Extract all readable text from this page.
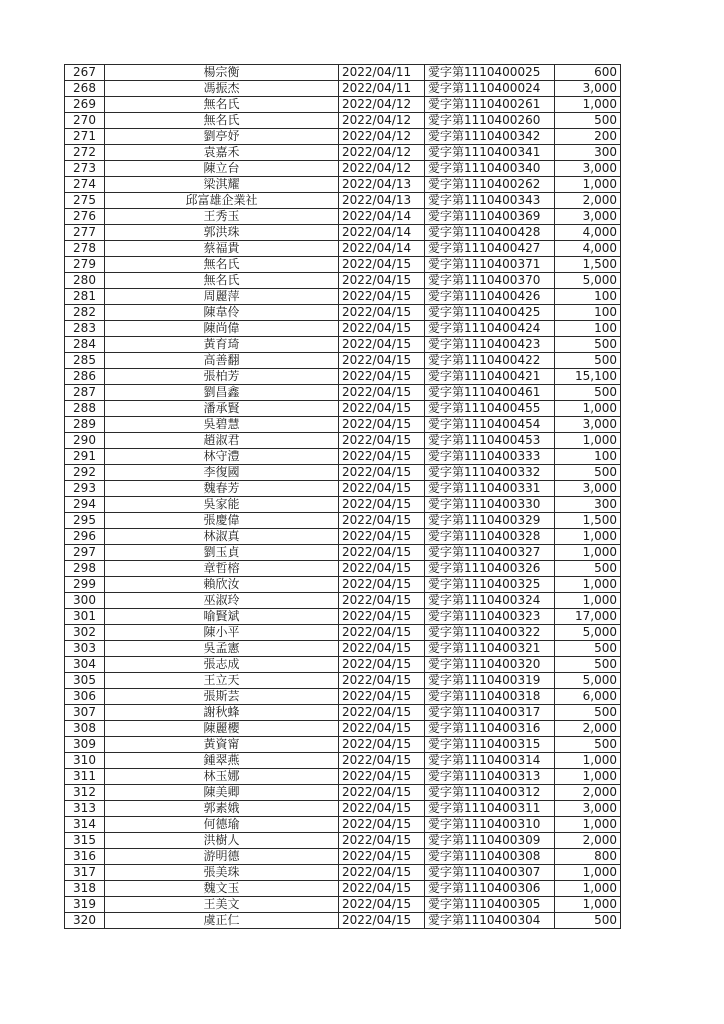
267	楊宗衡	2022/04/11	愛字第1110400025	600
268	馮振杰	2022/04/11	愛字第1110400024	3,000
269	無名氏	2022/04/12	愛字第1110400261	1,000
270	無名氏	2022/04/12	愛字第1110400260	500
271	劉亭妤	2022/04/12	愛字第1110400342	200
272	袁嘉禾	2022/04/12	愛字第1110400341	300
273	陳立台	2022/04/12	愛字第1110400340	3,000
274	梁淇耀	2022/04/13	愛字第1110400262	1,000
275	邱富雄企業社	2022/04/13	愛字第1110400343	2,000
276	王秀玉	2022/04/14	愛字第1110400369	3,000
277	郭洪珠	2022/04/14	愛字第1110400428	4,000
278	蔡福貴	2022/04/14	愛字第1110400427	4,000
279	無名氏	2022/04/15	愛字第1110400371	1,500
280	無名氏	2022/04/15	愛字第1110400370	5,000
281	周麗萍	2022/04/15	愛字第1110400426	100
282	陳韋伶	2022/04/15	愛字第1110400425	100
283	陳尚偉	2022/04/15	愛字第1110400424	100
284	黃育琦	2022/04/15	愛字第1110400423	500
285	高善翻	2022/04/15	愛字第1110400422	500
286	張柏芳	2022/04/15	愛字第1110400421	15,100
287	劉昌鑫	2022/04/15	愛字第1110400461	500
288	潘承賢	2022/04/15	愛字第1110400455	1,000
289	吳碧慧	2022/04/15	愛字第1110400454	3,000
290	趙淑君	2022/04/15	愛字第1110400453	1,000
291	林守澧	2022/04/15	愛字第1110400333	100
292	李復國	2022/04/15	愛字第1110400332	500
293	魏春芳	2022/04/15	愛字第1110400331	3,000
294	吳家能	2022/04/15	愛字第1110400330	300
295	張慶偉	2022/04/15	愛字第1110400329	1,500
296	林淑真	2022/04/15	愛字第1110400328	1,000
297	劉玉貞	2022/04/15	愛字第1110400327	1,000
298	章哲榕	2022/04/15	愛字第1110400326	500
299	賴欣汝	2022/04/15	愛字第1110400325	1,000
300	巫淑玲	2022/04/15	愛字第1110400324	1,000
301	喻賢斌	2022/04/15	愛字第1110400323	17,000
302	陳小平	2022/04/15	愛字第1110400322	5,000
303	吳孟憲	2022/04/15	愛字第1110400321	500
304	張志成	2022/04/15	愛字第1110400320	500
305	王立天	2022/04/15	愛字第1110400319	5,000
306	張斯芸	2022/04/15	愛字第1110400318	6,000
307	謝秋蜂	2022/04/15	愛字第1110400317	500
308	陳麗櫻	2022/04/15	愛字第1110400316	2,000
309	黃資甯	2022/04/15	愛字第1110400315	500
310	鍾翠燕	2022/04/15	愛字第1110400314	1,000
311	林玉娜	2022/04/15	愛字第1110400313	1,000
312	陳美卿	2022/04/15	愛字第1110400312	2,000
313	郭素娥	2022/04/15	愛字第1110400311	3,000
314	何德瑜	2022/04/15	愛字第1110400310	1,000
315	洪樹人	2022/04/15	愛字第1110400309	2,000
316	游明德	2022/04/15	愛字第1110400308	800
317	張美珠	2022/04/15	愛字第1110400307	1,000
318	魏文玉	2022/04/15	愛字第1110400306	1,000
319	王美文	2022/04/15	愛字第1110400305	1,000
320	虞正仁	2022/04/15	愛字第1110400304	500
